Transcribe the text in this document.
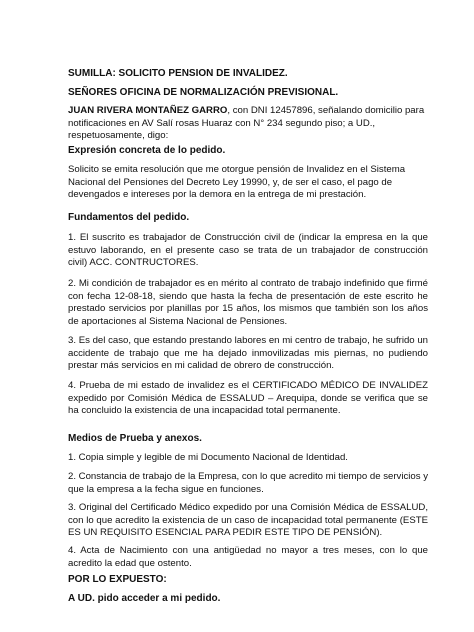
SUMILLA: SOLICITO PENSION DE INVALIDEZ.

SEÑORES OFICINA DE NORMALIZACIÓN PREVISIONAL.

JUAN RIVERA MONTAÑEZ GARRO, con DNI 12457896, señalando domicilio para notificaciones en AV Salí rosas Huaraz con N° 234 segundo piso; a UD., respetuosamente, digo:

Expresión concreta de lo pedido.

Solicito se emita resolución que me otorgue pensión de Invalidez en el Sistema Nacional del Pensiones del Decreto Ley 19990, y, de ser el caso, el pago de devengados e intereses por la demora en la entrega de mi prestación.

Fundamentos del pedido.

1. El suscrito es trabajador de Construcción civil de (indicar la empresa en la que estuvo laborando, en el presente caso se trata de un trabajador de construcción civil) ACC. CONTRUCTORES.

2. Mi condición de trabajador es en mérito al contrato de trabajo indefinido que firmé con fecha 12-08-18, siendo que hasta la fecha de presentación de este escrito he prestado servicios por planillas por 15 años, los mismos que también son los años de aportaciones al Sistema Nacional de Pensiones.

3. Es del caso, que estando prestando labores en mi centro de trabajo, he sufrido un accidente de trabajo que me ha dejado inmovilizadas mis piernas, no pudiendo prestar más servicios en mi calidad de obrero de construcción.

4. Prueba de mi estado de invalidez es el CERTIFICADO MÉDICO DE INVALIDEZ expedido por Comisión Médica de ESSALUD – Arequipa, donde se verifica que se ha concluido la existencia de una incapacidad total permanente.

Medios de Prueba y anexos.

1. Copia simple y legible de mi Documento Nacional de Identidad.

2. Constancia de trabajo de la Empresa, con lo que acredito mi tiempo de servicios y que la empresa a la fecha sigue en funciones.

3. Original del Certificado Médico expedido por una Comisión Médica de ESSALUD, con lo que acredito la existencia de un caso de incapacidad total permanente (ESTE ES UN REQUISITO ESENCIAL PARA PEDIR ESTE TIPO DE PENSIÓN).

4. Acta de Nacimiento con una antigüedad no mayor a tres meses, con lo que acredito la edad que ostento.

POR LO EXPUESTO:

A UD. pido acceder a mi pedido.
